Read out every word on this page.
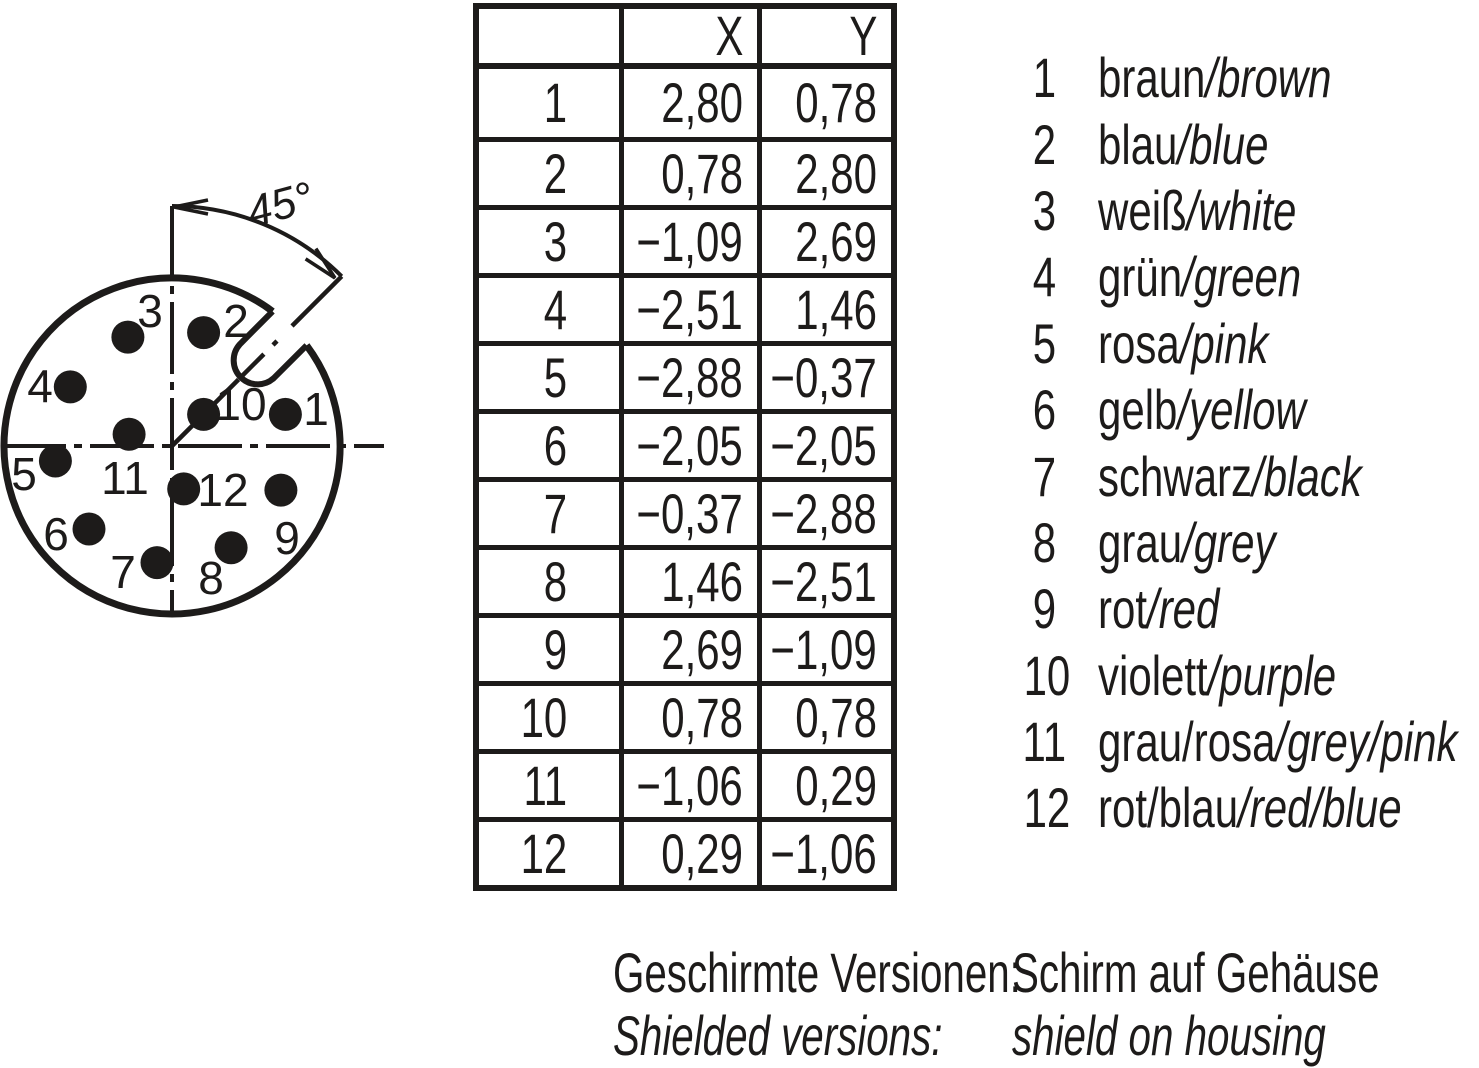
45°
1
2
3
4
5
6
7 8
9
10
11 12
X Y
1 2,80 0,78
2 0,78 2,80
3 −1,09 2,69
4 −2,51 1,46
5 −2,88 −0,37
6 −2,05 −2,05
7 −0,37 −2,88
8 1,46 −2,51
9 2,69 −1,09
10 0,78 0,78
11 −1,06 0,29
12 0,29 −1,06
1 braun/brown
2 blau/blue
3 weiß/white
4 grün/green
5 rosa/pink
6 gelb/yellow
7 schwarz/black
8 grau/grey
9 rot/red
10 violett/purple
11 grau/rosa/grey/pink
12 rot/blau/red/blue
Geschirmte Versionen:
Schirm auf Gehäuse
Shielded versions: shield on housing
